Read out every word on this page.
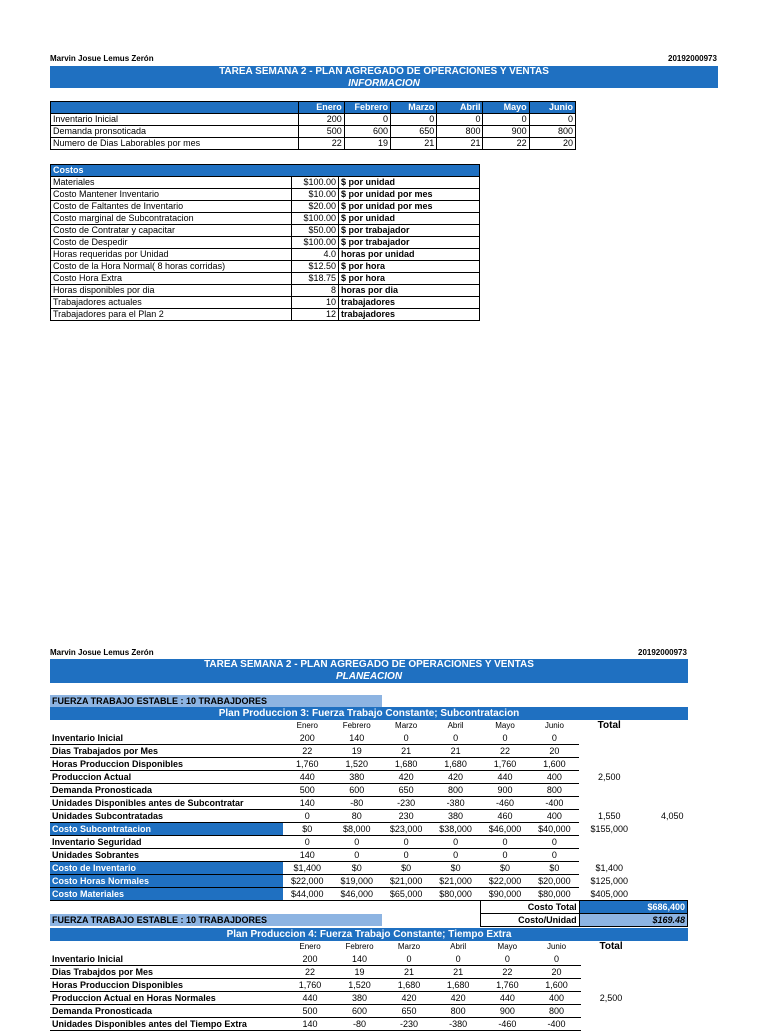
Marvin Josue Lemus Zerón	20192000973
TAREA SEMANA 2 - PLAN AGREGADO DE OPERACIONES Y VENTAS
INFORMACION
	Enero	Febrero	Marzo	Abril	Mayo	Junio
Inventario Inicial	200	0	0	0	0	0
Demanda pronsoticada	500	600	650	800	900	800
Numero de Dias Laborables por mes	22	19	21	21	22	20
Costos		
Materiales	$100.00	$ por unidad
Costo Mantener Inventario	$10.00	$ por unidad por mes
Costo de Faltantes de Inventario	$20.00	$ por unidad por mes
Costo marginal de Subcontratacion	$100.00	$ por unidad
Costo de Contratar y capacitar	$50.00	$ por trabajador
Costo de Despedir	$100.00	$ por trabajador
Horas requeridas por Unidad	4.0	horas por unidad
Costo de la Hora Normal( 8 horas corridas)	$12.50	$ por hora
Costo Hora Extra	$18.75	$ por hora
Horas disponibles por dia	8	horas por dia
Trabajadores actuales	10	trabajadores
Trabajadores para el Plan 2	12	trabajadores
Marvin Josue Lemus Zerón	20192000973
TAREA SEMANA 2 - PLAN AGREGADO DE OPERACIONES Y VENTAS
PLANEACION
FUERZA TRABAJO ESTABLE : 10 TRABAJDORES
Plan Produccion 3: Fuerza Trabajo Constante; Subcontratacion
	Enero	Febrero	Marzo	Abril	Mayo	Junio	Total	
Inventario Inicial	200	140	0	0	0	0		
Dias Trabajados por Mes	22	19	21	21	22	20		
Horas Produccion Disponibles	1,760	1,520	1,680	1,680	1,760	1,600		
Produccion Actual	440	380	420	420	440	400	2,500	
Demanda Pronosticada	500	600	650	800	900	800		
Unidades Disponibles antes de Subcontratar	140	-80	-230	-380	-460	-400		
Unidades Subcontratadas	0	80	230	380	460	400	1,550	4,050
Costo Subcontratacion	$0	$8,000	$23,000	$38,000	$46,000	$40,000	$155,000	
Inventario Seguridad	0	0	0	0	0	0		
Unidades Sobrantes	140	0	0	0	0	0		
Costo de Inventario	$1,400	$0	$0	$0	$0	$0	$1,400	
Costo Horas Normales	$22,000	$19,000	$21,000	$21,000	$22,000	$20,000	$125,000	
Costo Materiales	$44,000	$46,000	$65,000	$80,000	$90,000	$80,000	$405,000	
					Costo Total		$686,400	
					Costo/Unidad		$169.48	
FUERZA TRABAJO ESTABLE : 10 TRABAJDORES
Plan Produccion 4: Fuerza Trabajo Constante; Tiempo Extra
	Enero	Febrero	Marzo	Abril	Mayo	Junio	Total	
Inventario Inicial	200	140	0	0	0	0		
Dias Trabajdos por Mes	22	19	21	21	22	20		
Horas Produccion Disponibles	1,760	1,520	1,680	1,680	1,760	1,600		
Produccion Actual en Horas Normales	440	380	420	420	440	400	2,500	
Demanda Pronosticada	500	600	650	800	900	800		
Unidades Disponibles antes del Tiempo Extra	140	-80	-230	-380	-460	-400		
